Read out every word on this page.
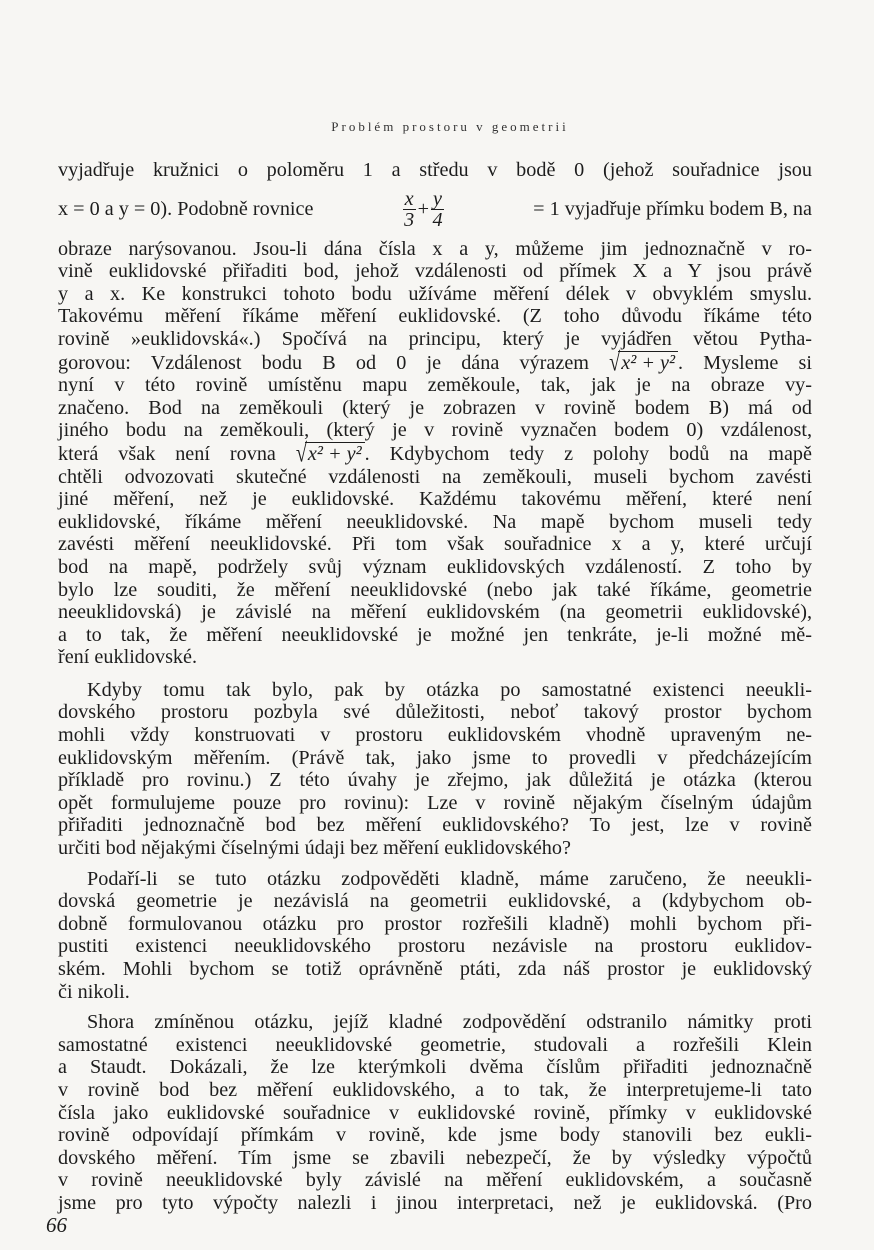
Problém prostoru v geometrii
vyjadřuje kružnici o poloměru 1 a středu v bodě 0 (jehož souřadnice jsou
x = 0 a y = 0). Podobně rovnice	$\frac{x}{3} + \frac{y}{4}$	= 1 vyjadřuje přímku bodem B, na
obraze narýsovanou. Jsou-li dána čísla x a y, můžeme jim jednoznačně v ro-
vině euklidovské přiřaditi bod, jehož vzdálenosti od přímek X a Y jsou právě
y a x. Ke konstrukci tohoto bodu užíváme měření délek v obvyklém smyslu.
Takovému měření říkáme měření euklidovské. (Z toho důvodu říkáme této
rovině »euklidovská«.) Spočívá na principu, který je vyjádřen větou Pytha-
gorovou: Vzdálenost bodu B od 0 je dána výrazem √x² + y² . Mysleme si
nyní v této rovině umístěnu mapu zeměkoule, tak, jak je na obraze vy-
značeno. Bod na zeměkouli (který je zobrazen v rovině bodem B) má od
jiného bodu na zeměkouli, (který je v rovině vyznačen bodem 0) vzdálenost,
která však není rovna √x² + y² . Kdybychom tedy z polohy bodů na mapě
chtěli odvozovati skutečné vzdálenosti na zeměkouli, museli bychom zavésti
jiné měření, než je euklidovské. Každému takovému měření, které není
euklidovské, říkáme měření neeuklidovské. Na mapě bychom museli tedy
zavésti měření neeuklidovské. Při tom však souřadnice x a y, které určují
bod na mapě, podržely svůj význam euklidovských vzdáleností. Z toho by
bylo lze souditi, že měření neeuklidovské (nebo jak také říkáme, geometrie
neeuklidovská) je závislé na měření euklidovském (na geometrii euklidovské),
a to tak, že měření neeuklidovské je možné jen tenkráte, je-li možné mě-
ření euklidovské.
Kdyby tomu tak bylo, pak by otázka po samostatné existenci neeukli-
dovského prostoru pozbyla své důležitosti, neboť takový prostor bychom
mohli vždy konstruovati v prostoru euklidovském vhodně upraveným ne-
euklidovským měřením. (Právě tak, jako jsme to provedli v předcházejícím
příkladě pro rovinu.) Z této úvahy je zřejmo, jak důležitá je otázka (kterou
opět formulujeme pouze pro rovinu): Lze v rovině nějakým číselným údajům
přiřaditi jednoznačně bod bez měření euklidovského? To jest, lze v rovině
určiti bod nějakými číselnými údaji bez měření euklidovského?
Podaří-li se tuto otázku zodpověděti kladně, máme zaručeno, že neeukli-
dovská geometrie je nezávislá na geometrii euklidovské, a (kdybychom ob-
dobně formulovanou otázku pro prostor rozřešili kladně) mohli bychom při-
pustiti existenci neeuklidovského prostoru nezávisle na prostoru euklidov-
ském. Mohli bychom se totiž oprávněně ptáti, zda náš prostor je euklidovský
či nikoli.
Shora zmíněnou otázku, jejíž kladné zodpovědění odstranilo námitky proti
samostatné existenci neeuklidovské geometrie, studovali a rozřešili Klein
a Staudt. Dokázali, že lze kterýmkoli dvěma číslům přiřaditi jednoznačně
v rovině bod bez měření euklidovského, a to tak, že interpretujeme-li tato
čísla jako euklidovské souřadnice v euklidovské rovině, přímky v euklidovské
rovině odpovídají přímkám v rovině, kde jsme body stanovili bez eukli-
dovského měření. Tím jsme se zbavili nebezpečí, že by výsledky výpočtů
v rovině neeuklidovské byly závislé na měření euklidovském, a současně
jsme pro tyto výpočty nalezli i jinou interpretaci, než je euklidovská. (Pro
66
